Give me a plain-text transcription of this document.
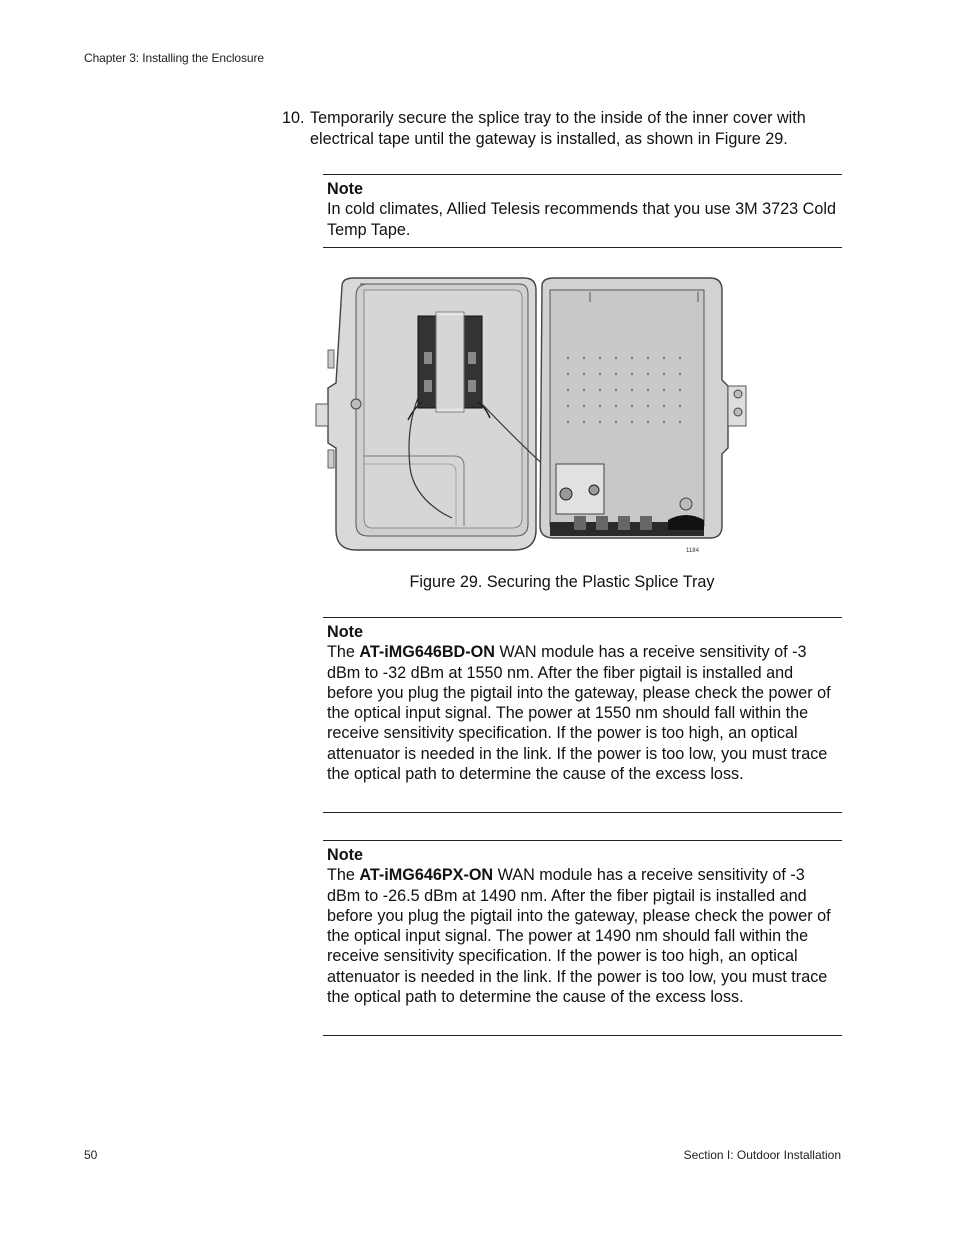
Chapter 3: Installing the Enclosure
10. Temporarily secure the splice tray to the inside of the inner cover with electrical tape until the gateway is installed, as shown in Figure 29.
Note
In cold climates, Allied Telesis recommends that you use 3M 3723 Cold Temp Tape.
1184
Figure 29. Securing the Plastic Splice Tray
Note
The AT-iMG646BD-ON WAN module has a receive sensitivity of -3 dBm to -32 dBm at 1550 nm. After the fiber pigtail is installed and before you plug the pigtail into the gateway, please check the power of the optical input signal. The power at 1550 nm should fall within the receive sensitivity specification. If the power is too high, an optical attenuator is needed in the link. If the power is too low, you must trace the optical path to determine the cause of the excess loss.
Note
The AT-iMG646PX-ON WAN module has a receive sensitivity of -3 dBm to -26.5 dBm at 1490 nm. After the fiber pigtail is installed and before you plug the pigtail into the gateway, please check the power of the optical input signal. The power at 1490 nm should fall within the receive sensitivity specification. If the power is too high, an optical attenuator is needed in the link. If the power is too low, you must trace the optical path to determine the cause of the excess loss.
50	Section I: Outdoor Installation
